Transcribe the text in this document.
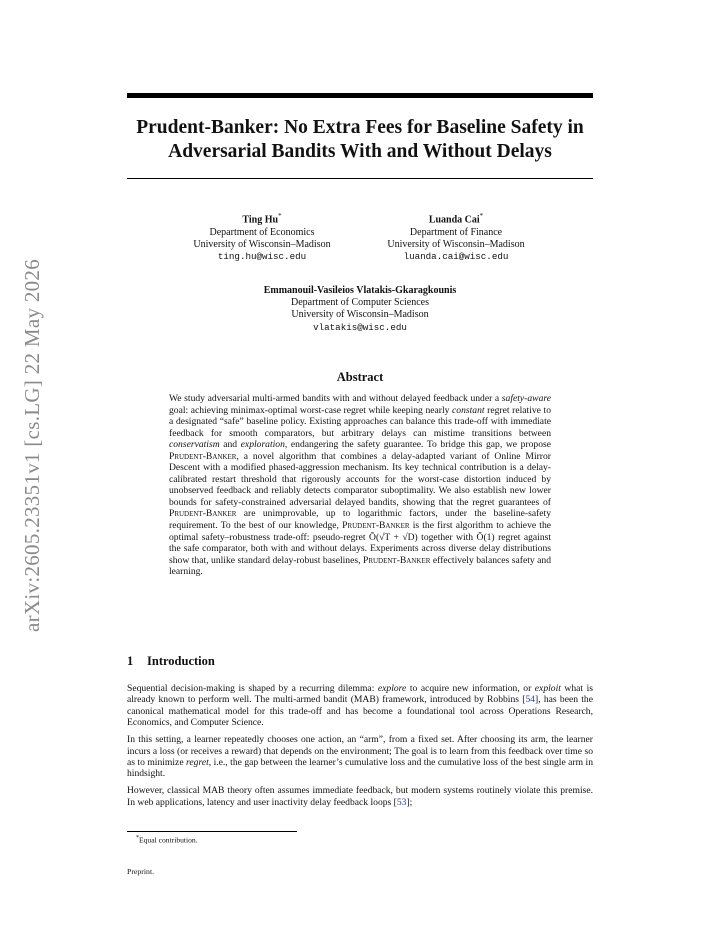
arXiv:2605.23351v1 [cs.LG] 22 May 2026
Prudent-Banker: No Extra Fees for Baseline Safety in
Adversarial Bandits With and Without Delays
Ting Hu*
Department of Economics
University of Wisconsin–Madison
ting.hu@wisc.edu
Luanda Cai*
Department of Finance
University of Wisconsin–Madison
luanda.cai@wisc.edu
Emmanouil-Vasileios Vlatakis-Gkaragkounis
Department of Computer Sciences
University of Wisconsin–Madison
vlatakis@wisc.edu
Abstract
We study adversarial multi-armed bandits with and without delayed feedback under a safety-aware goal: achieving minimax-optimal worst-case regret while keeping nearly constant regret relative to a designated “safe” baseline policy. Existing approaches can balance this trade-off with immediate feedback for smooth comparators, but arbitrary delays can mistime transitions between conservatism and exploration, endangering the safety guarantee. To bridge this gap, we propose Prudent-Banker, a novel algorithm that combines a delay-adapted variant of Online Mirror Descent with a modified phased-aggression mechanism. Its key technical contribution is a delay-calibrated restart threshold that rigorously accounts for the worst-case distortion induced by unobserved feedback and reliably detects comparator suboptimality. We also establish new lower bounds for safety-constrained adversarial delayed bandits, showing that the regret guarantees of Prudent-Banker are unimprovable, up to logarithmic factors, under the baseline-safety requirement. To the best of our knowledge, Prudent-Banker is the first algorithm to achieve the optimal safety–robustness trade-off: pseudo-regret Õ(√T + √D) together with Õ(1) regret against the safe comparator, both with and without delays. Experiments across diverse delay distributions show that, unlike standard delay-robust baselines, Prudent-Banker effectively balances safety and learning.
1 Introduction

Sequential decision-making is shaped by a recurring dilemma: explore to acquire new information, or exploit what is already known to perform well. The multi-armed bandit (MAB) framework, introduced by Robbins [54], has been the canonical mathematical model for this trade-off and has become a foundational tool across Operations Research, Economics, and Computer Science.

In this setting, a learner repeatedly chooses one action, an “arm”, from a fixed set. After choosing its arm, the learner incurs a loss (or receives a reward) that depends on the environment; The goal is to learn from this feedback over time so as to minimize regret, i.e., the gap between the learner’s cumulative loss and the cumulative loss of the best single arm in hindsight.

However, classical MAB theory often assumes immediate feedback, but modern systems routinely violate this premise. In web applications, latency and user inactivity delay feedback loops [53];

*Equal contribution.
Preprint.
